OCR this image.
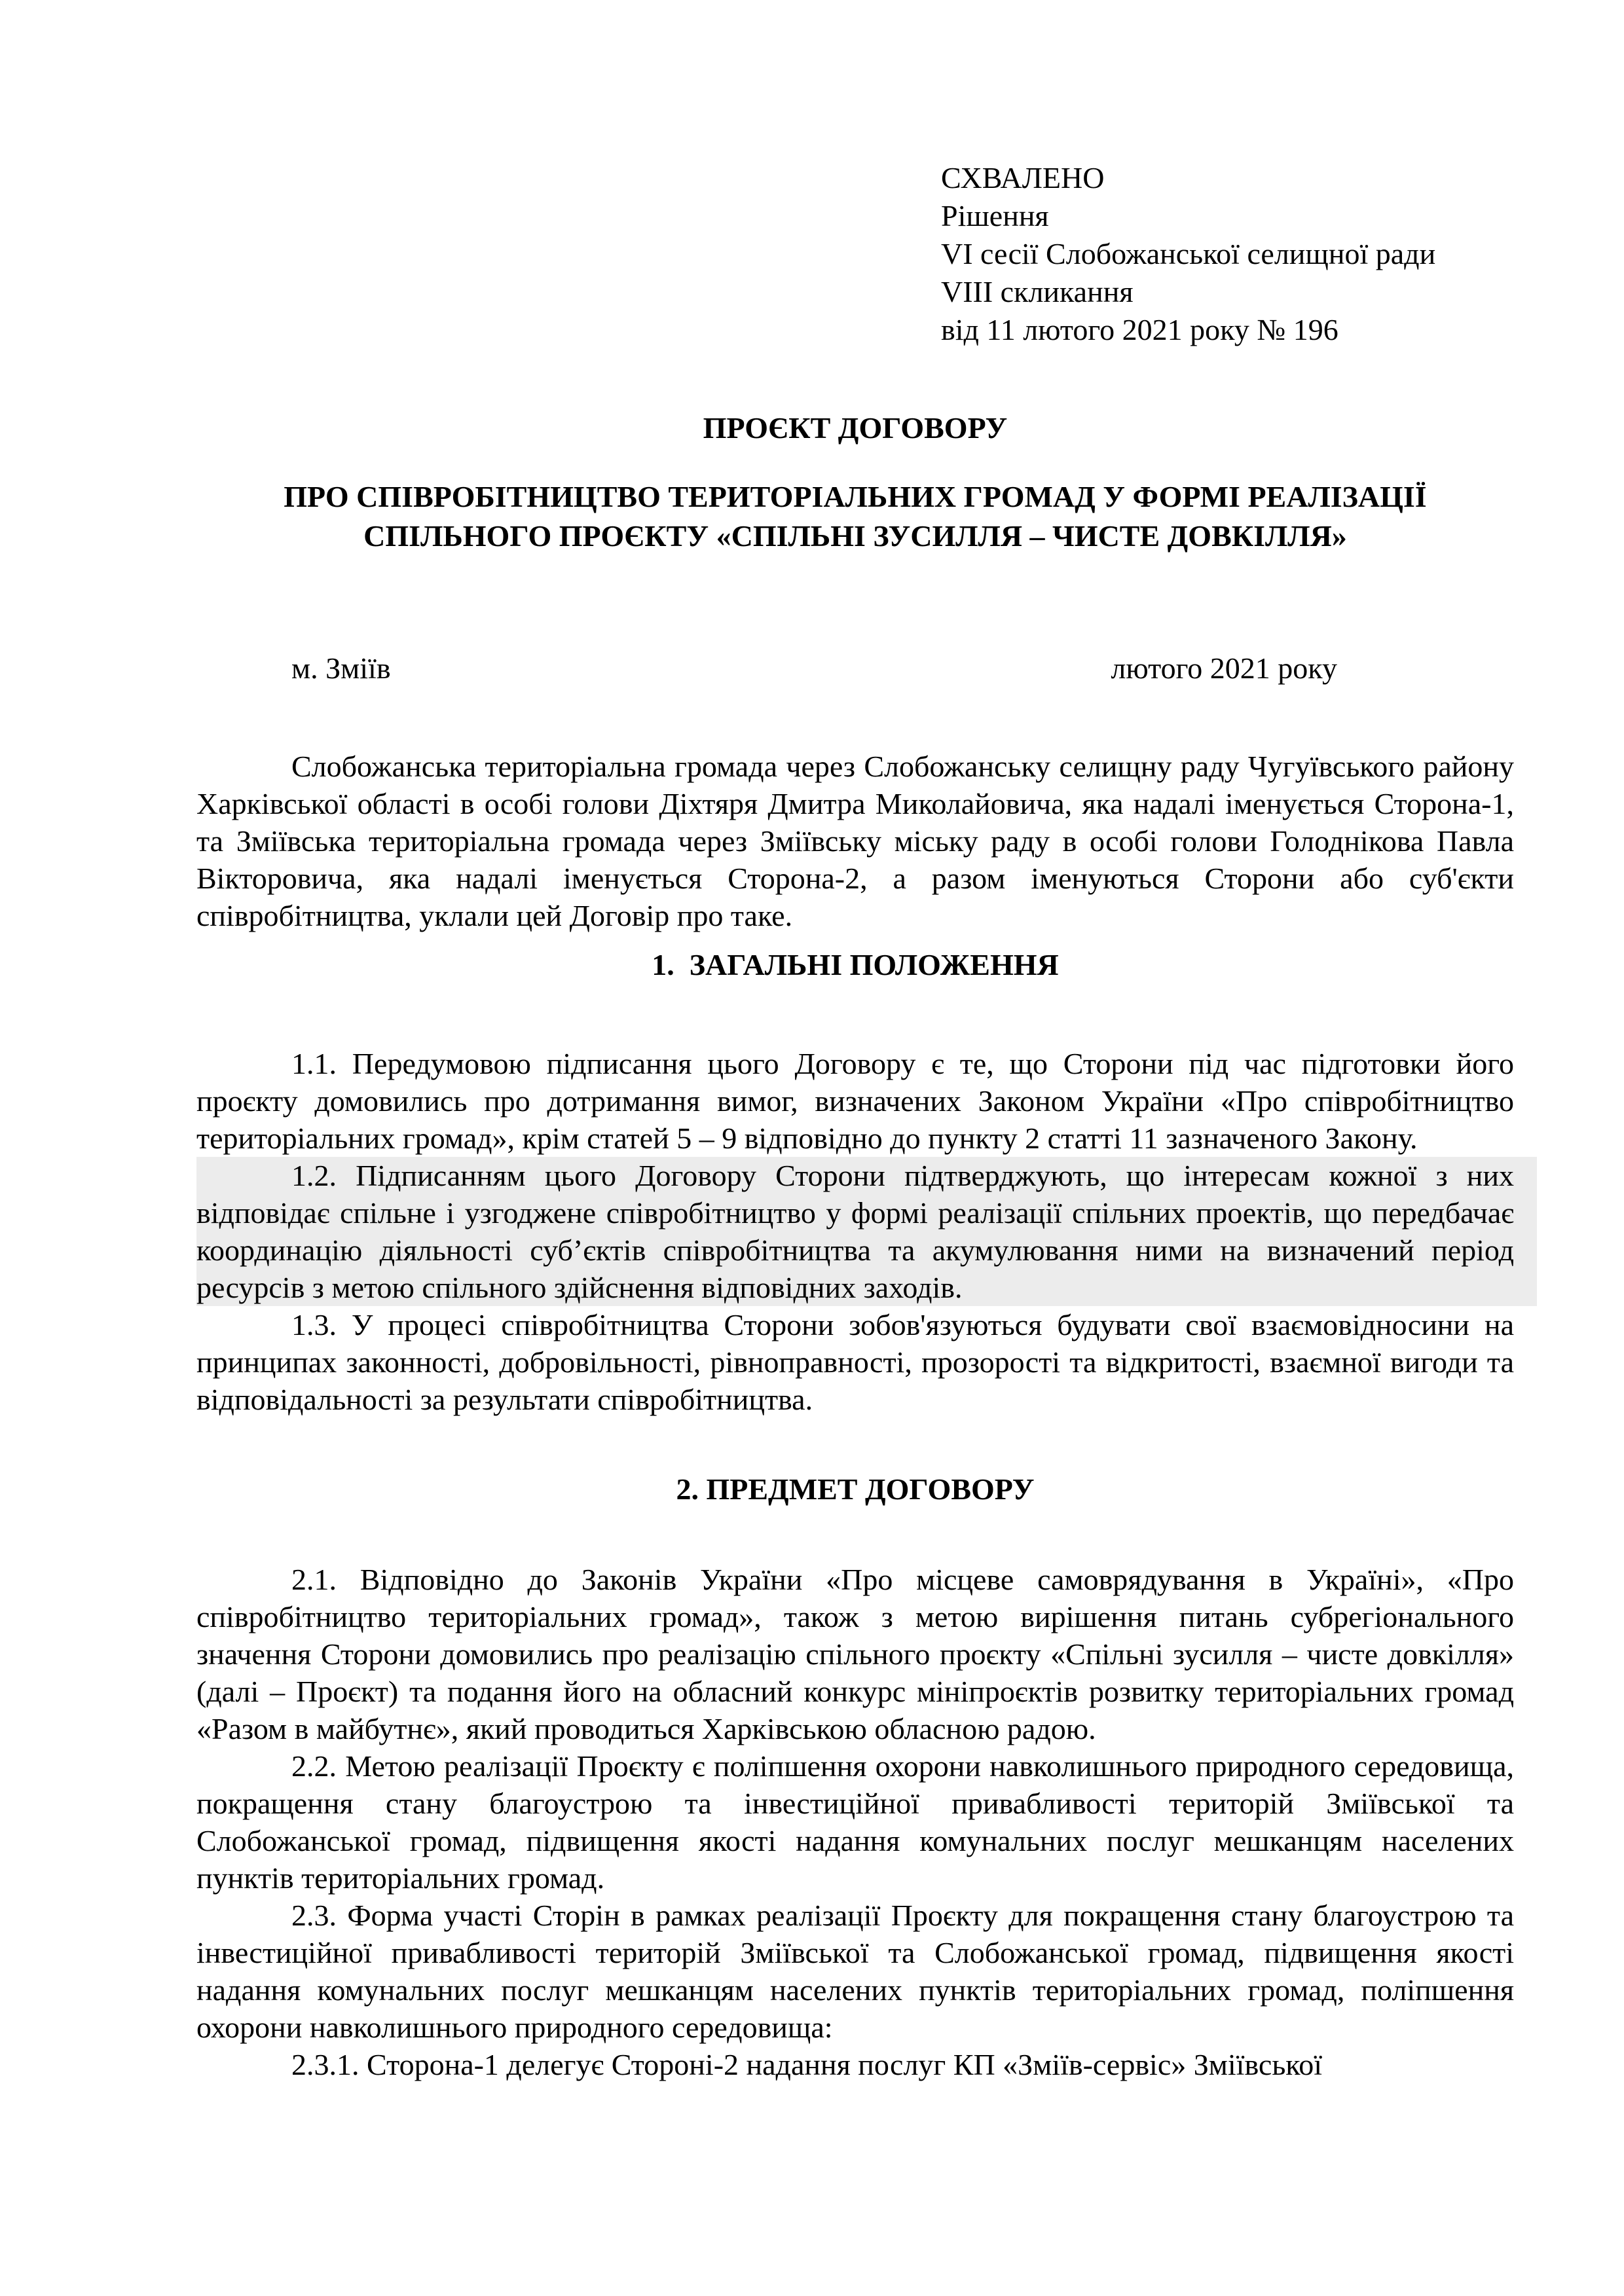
СХВАЛЕНО
Рішення
VI сесії Слобожанської селищної ради
VIII скликання
від 11 лютого 2021 року № 196
ПРОЄКТ ДОГОВОРУ
ПРО СПІВРОБІТНИЦТВО ТЕРИТОРІАЛЬНИХ ГРОМАД У ФОРМІ РЕАЛІЗАЦІЇ СПІЛЬНОГО ПРОЄКТУ «СПІЛЬНІ ЗУСИЛЛЯ – ЧИСТЕ ДОВКІЛЛЯ»
м. Зміїв	лютого 2021 року

Слобожанська територіальна громада через Слобожанську селищну раду Чугуївського району Харківської області в особі голови Діхтяря Дмитра Миколайовича, яка надалі іменується Сторона-1, та Зміївська територіальна громада через Зміївську міську раду в особі голови Голоднікова Павла Вікторовича, яка надалі іменується Сторона-2, а разом іменуються Сторони або суб'єкти співробітництва, уклали цей Договір про таке.

1.  ЗАГАЛЬНІ ПОЛОЖЕННЯ

1.1. Передумовою підписання цього Договору є те, що Сторони під час підготовки його проєкту домовились про дотримання вимог, визначених Законом України «Про співробітництво територіальних громад», крім статей 5 – 9 відповідно до пункту 2 статті 11 зазначеного Закону.

1.2. Підписанням цього Договору Сторони підтверджують, що інтересам кожної з них відповідає спільне і узгоджене співробітництво у формі реалізації спільних проектів, що передбачає координацію діяльності суб’єктів співробітництва та акумулювання ними на визначений період ресурсів з метою спільного здійснення відповідних заходів.

1.3. У процесі співробітництва Сторони зобов'язуються будувати свої взаємовідносини на принципах законності, добровільності, рівноправності, прозорості та відкритості, взаємної вигоди та відповідальності за результати співробітництва.

2. ПРЕДМЕТ ДОГОВОРУ

2.1. Відповідно до Законів України «Про місцеве самоврядування в Україні», «Про співробітництво територіальних громад», також з метою вирішення питань субрегіонального значення Сторони домовились про реалізацію спільного проєкту «Спільні зусилля – чисте довкілля» (далі – Проєкт) та подання його на обласний конкурс мініпроєктів розвитку територіальних громад «Разом в майбутнє», який проводиться Харківською обласною радою.

2.2. Метою реалізації Проєкту є поліпшення охорони навколишнього природного середовища, покращення стану благоустрою та інвестиційної привабливості територій Зміївської та Слобожанської громад, підвищення якості надання комунальних послуг мешканцям населених пунктів територіальних громад.

2.3. Форма участі Сторін в рамках реалізації Проєкту для покращення стану благоустрою та інвестиційної привабливості територій Зміївської та Слобожанської громад, підвищення якості надання комунальних послуг мешканцям населених пунктів територіальних громад, поліпшення охорони навколишнього природного середовища:

2.3.1. Сторона-1 делегує Стороні-2 надання послуг КП «Зміїв-сервіс» Зміївської
